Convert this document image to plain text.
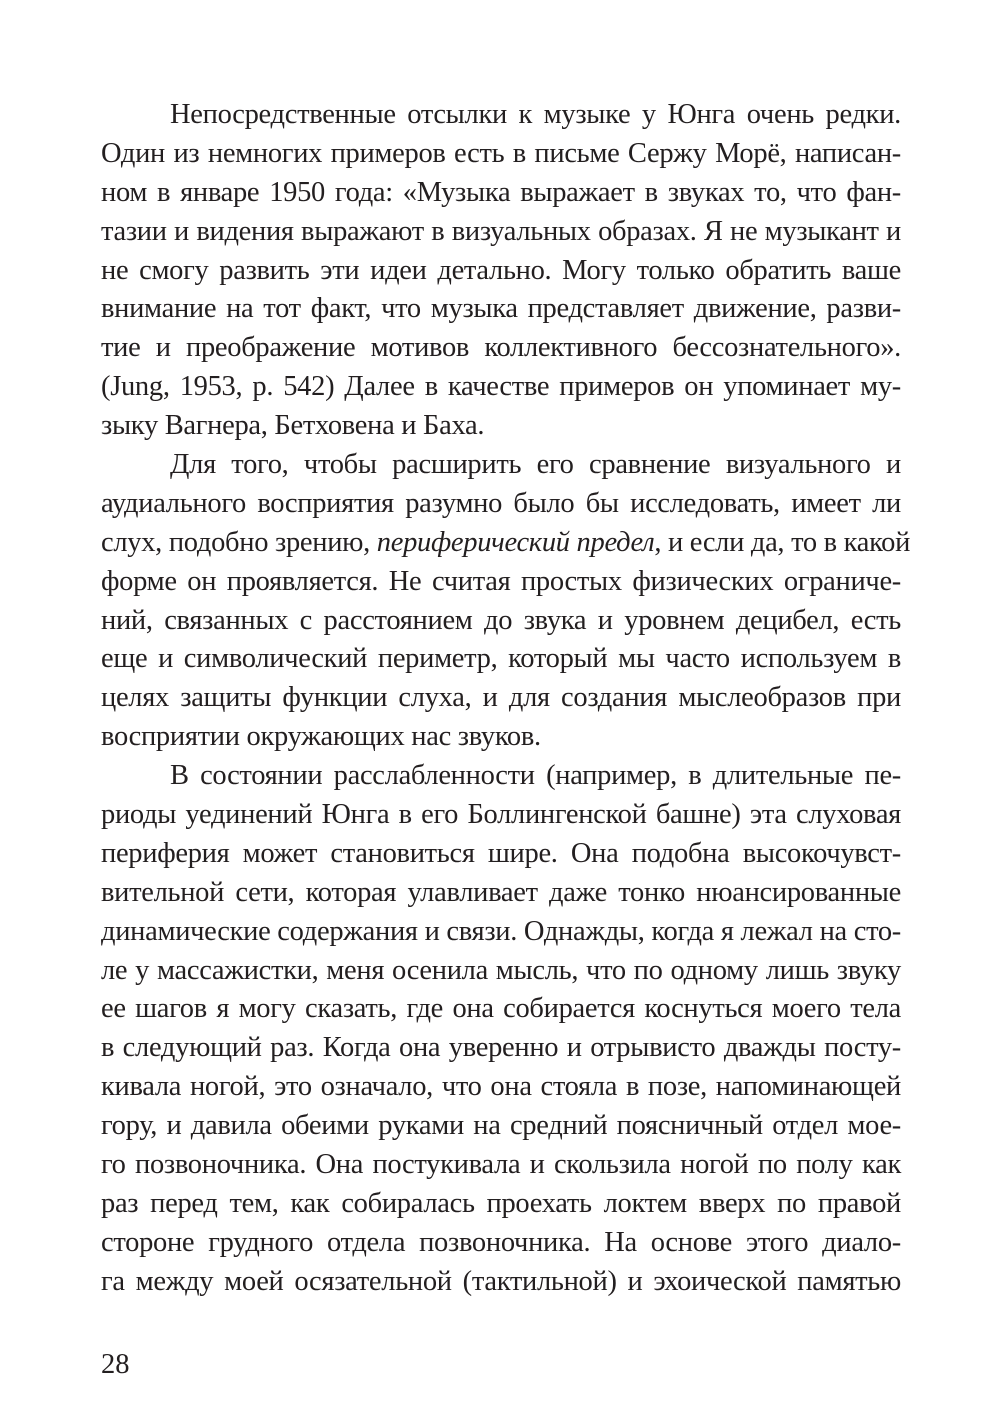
Непосредственные отсылки к музыке у Юнга очень редки.
Один из немногих примеров есть в письме Сержу Морё, написан-
ном в январе 1950 года: «Музыка выражает в звуках то, что фан-
тазии и видения выражают в визуальных образах. Я не музыкант и
не смогу развить эти идеи детально. Могу только обратить ваше
внимание на тот факт, что музыка представляет движение, разви-
тие и преображение мотивов коллективного бессознательного».
(Jung, 1953, p. 542) Далее в качестве примеров он упоминает му-
зыку Вагнера, Бетховена и Баха.
Для того, чтобы расширить его сравнение визуального и
аудиального восприятия разумно было бы исследовать, имеет ли
слух, подобно зрению, периферический предел, и если да, то в какой
форме он проявляется. Не считая простых физических ограниче-
ний, связанных с расстоянием до звука и уровнем децибел, есть
еще и символический периметр, который мы часто используем в
целях защиты функции слуха, и для создания мыслеобразов при
восприятии окружающих нас звуков.
В состоянии расслабленности (например, в длительные пе-
риоды уединений Юнга в его Боллингенской башне) эта слуховая
периферия может становиться шире. Она подобна высокочувст-
вительной сети, которая улавливает даже тонко нюансированные
динамические содержания и связи. Однажды, когда я лежал на сто-
ле у массажистки, меня осенила мысль, что по одному лишь звуку
ее шагов я могу сказать, где она собирается коснуться моего тела
в следующий раз. Когда она уверенно и отрывисто дважды посту-
кивала ногой, это означало, что она стояла в позе, напоминающей
гору, и давила обеими руками на средний поясничный отдел мое-
го позвоночника. Она постукивала и скользила ногой по полу как
раз перед тем, как собиралась проехать локтем вверх по правой
стороне грудного отдела позвоночника. На основе этого диало-
га между моей осязательной (тактильной) и эхоической памятью
28
